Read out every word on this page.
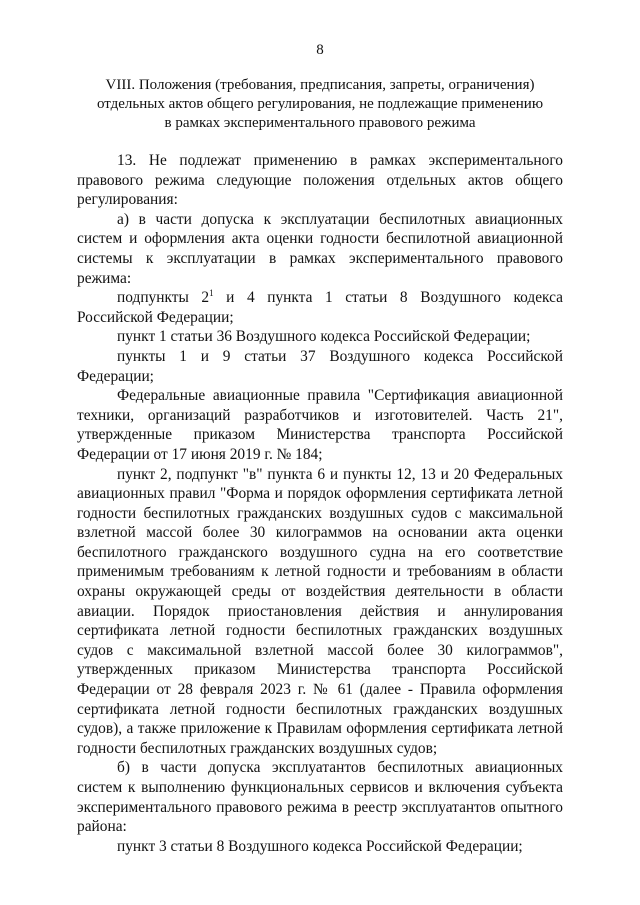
8
VIII. Положения (требования, предписания, запреты, ограничения)
отдельных актов общего регулирования, не подлежащие применению
в рамках экспериментального правового режима

13. Не подлежат применению в рамках экспериментального правового режима следующие положения отдельных актов общего регулирования:

а) в части допуска к эксплуатации беспилотных авиационных систем и оформления акта оценки годности беспилотной авиационной системы к эксплуатации в рамках экспериментального правового режима:

подпункты 2$^1$ и 4 пункта 1 статьи 8 Воздушного кодекса Российской Федерации;

пункт 1 статьи 36 Воздушного кодекса Российской Федерации;

пункты 1 и 9 статьи 37 Воздушного кодекса Российской Федерации;

Федеральные авиационные правила "Сертификация авиационной техники, организаций разработчиков и изготовителей. Часть 21", утвержденные приказом Министерства транспорта Российской Федерации от 17 июня 2019 г. № 184;

пункт 2, подпункт "в" пункта 6 и пункты 12, 13 и 20 Федеральных авиационных правил "Форма и порядок оформления сертификата летной годности беспилотных гражданских воздушных судов с максимальной взлетной массой более 30 килограммов на основании акта оценки беспилотного гражданского воздушного судна на его соответствие применимым требованиям к летной годности и требованиям в области охраны окружающей среды от воздействия деятельности в области авиации. Порядок приостановления действия и аннулирования сертификата летной годности беспилотных гражданских воздушных судов с максимальной взлетной массой более 30 килограммов", утвержденных приказом Министерства транспорта Российской Федерации от 28 февраля 2023 г. № 61 (далее - Правила оформления сертификата летной годности беспилотных гражданских воздушных судов), а также приложение к Правилам оформления сертификата летной годности беспилотных гражданских воздушных судов;

б) в части допуска эксплуатантов беспилотных авиационных систем к выполнению функциональных сервисов и включения субъекта экспериментального правового режима в реестр эксплуатантов опытного района:

пункт 3 статьи 8 Воздушного кодекса Российской Федерации;
